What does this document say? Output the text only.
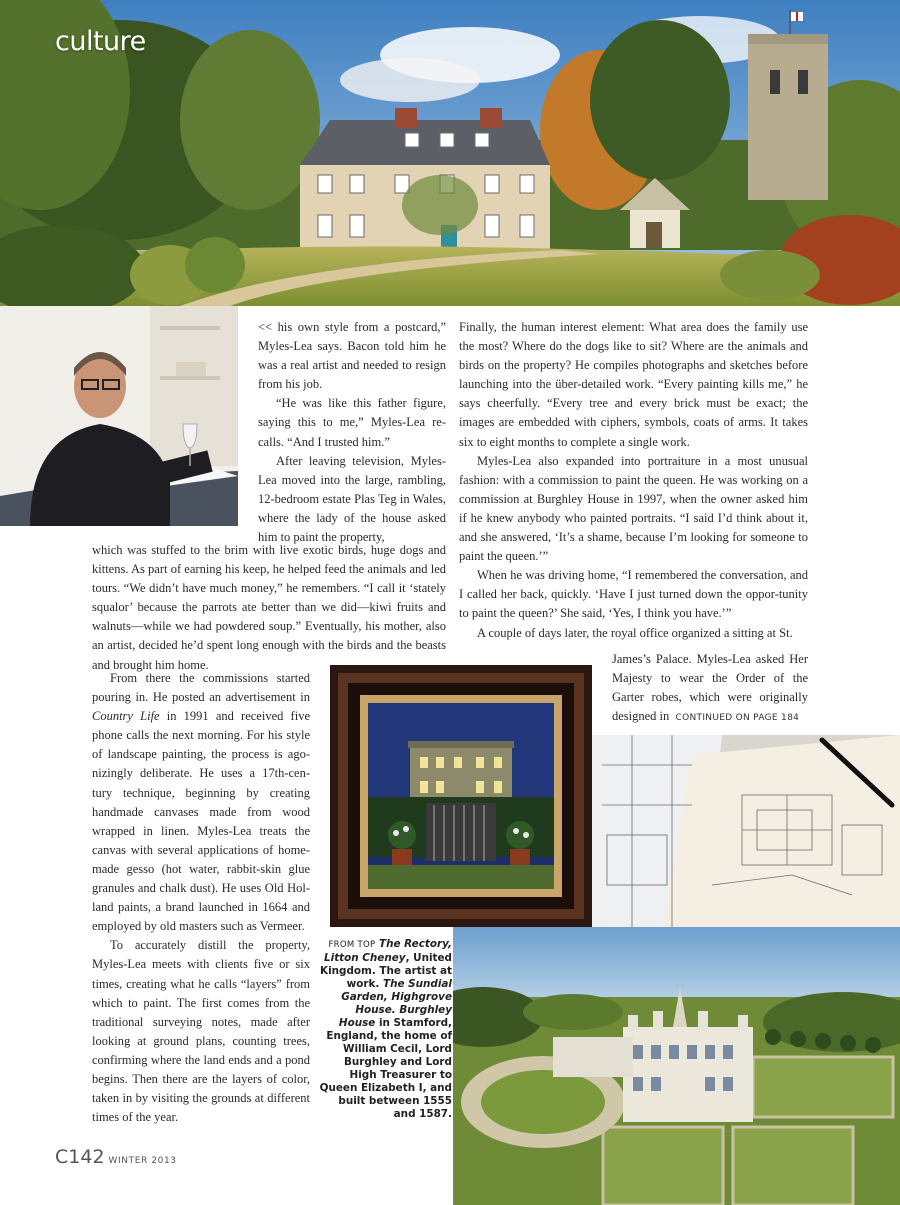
culture

<< his own style from a postcard,” Myles-Lea says. Bacon told him he was a real artist and needed to resign from his job.

“He was like this father figure, saying this to me,” Myles-Lea re-calls. “And I trusted him.”

After leaving television, Myles-Lea moved into the large, rambling, 12-bedroom estate Plas Teg in Wales, where the lady of the house asked him to paint the property,

which was stuffed to the brim with live exotic birds, huge dogs and kittens. As part of earning his keep, he helped feed the animals and led tours. “We didn’t have much money,” he remembers. “I call it ‘stately squalor’ because the parrots ate better than we did—kiwi fruits and walnuts—while we had powdered soup.” Eventually, his mother, also an artist, decided he’d spent long enough with the birds and the beasts and brought him home.

From there the commissions started pouring in. He posted an advertisement in Country Life in 1991 and received five phone calls the next morning. For his style of landscape painting, the process is ago-nizingly deliberate. He uses a 17th-cen-tury technique, beginning by creating handmade canvases made from wood wrapped in linen. Myles-Lea treats the canvas with several applications of home-made gesso (hot water, rabbit-skin glue granules and chalk dust). He uses Old Hol-land paints, a brand launched in 1664 and employed by old masters such as Vermeer.

To accurately distill the property, Myles-Lea meets with clients five or six times, creating what he calls “layers” from which to paint. The first comes from the traditional surveying notes, made after looking at ground plans, counting trees, confirming where the land ends and a pond begins. Then there are the layers of color, taken in by visiting the grounds at different times of the year.

Finally, the human interest element: What area does the family use the most? Where do the dogs like to sit? Where are the animals and birds on the property? He compiles photographs and sketches before launching into the über-detailed work. “Every painting kills me,” he says cheerfully. “Every tree and every brick must be exact; the images are embedded with ciphers, symbols, coats of arms. It takes six to eight months to complete a single work.

Myles-Lea also expanded into portraiture in a most unusual fashion: with a commission to paint the queen. He was working on a commission at Burghley House in 1997, when the owner asked him if he knew anybody who painted portraits. “I said I’d think about it, and she answered, ‘It’s a shame, because I’m looking for someone to paint the queen.’”

When he was driving home, “I remembered the conversation, and I called her back, quickly. ‘Have I just turned down the oppor-tunity to paint the queen?’ She said, ‘Yes, I think you have.’”

A couple of days later, the royal office organized a sitting at St.

James’s Palace. Myles-Lea asked Her Majesty to wear the Order of the Garter robes, which were originally designed in CONTINUED ON PAGE 184

FROM TOP The Rectory, Litton Cheney, United Kingdom. The artist at work. The Sundial Garden, Highgrove House. Burghley House in Stamford, England, the home of William Cecil, Lord Burghley and Lord High Treasurer to Queen Elizabeth I, and built between 1555 and 1587.
C142 WINTER 2013
